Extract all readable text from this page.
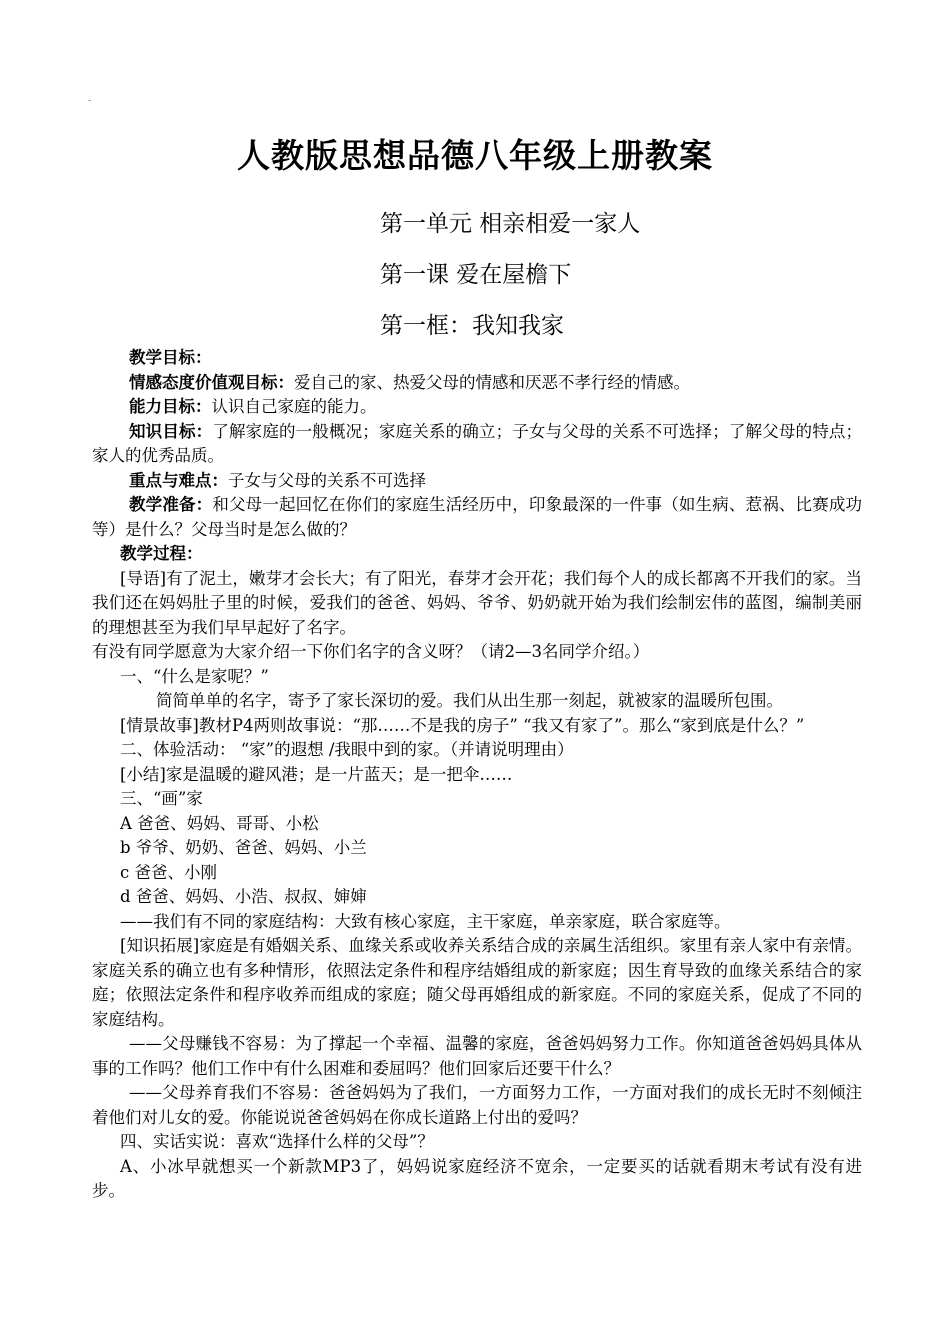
-
人教版思想品德八年级上册教案
第一单元 相亲相爱一家人
第一课 爱在屋檐下
第一框：我知我家

教学目标：

情感态度价值观目标：爱自己的家、热爱父母的情感和厌恶不孝行经的情感。

能力目标：认识自己家庭的能力。

知识目标：了解家庭的一般概况；家庭关系的确立；子女与父母的关系不可选择；了解父母的特点；家人的优秀品质。

重点与难点：子女与父母的关系不可选择

教学准备：和父母一起回忆在你们的家庭生活经历中，印象最深的一件事（如生病、惹祸、比赛成功等）是什么？父母当时是怎么做的？

教学过程：

[导语]有了泥土，嫩芽才会长大；有了阳光，春芽才会开花；我们每个人的成长都离不开我们的家。当我们还在妈妈肚子里的时候，爱我们的爸爸、妈妈、爷爷、奶奶就开始为我们绘制宏伟的蓝图，编制美丽的理想甚至为我们早早起好了名字。

有没有同学愿意为大家介绍一下你们名字的含义呀？（请2—3名同学介绍。）

一、“什么是家呢？”

简简单单的名字，寄予了家长深切的爱。我们从出生那一刻起，就被家的温暖所包围。

[情景故事]教材P4两则故事说：“那……不是我的房子” “我又有家了”。那么“家到底是什么？”

二、体验活动： “家”的遐想 /我眼中到的家。（并请说明理由）

[小结]家是温暖的避风港；是一片蓝天；是一把伞……

三、“画”家

A 爸爸、妈妈、哥哥、小松

b 爷爷、奶奶、爸爸、妈妈、小兰

c 爸爸、小刚

d 爸爸、妈妈、小浩、叔叔、婶婶

——我们有不同的家庭结构：大致有核心家庭，主干家庭，单亲家庭，联合家庭等。

[知识拓展]家庭是有婚姻关系、血缘关系或收养关系结合成的亲属生活组织。家里有亲人家中有亲情。家庭关系的确立也有多种情形，依照法定条件和程序结婚组成的新家庭；因生育导致的血缘关系结合的家庭；依照法定条件和程序收养而组成的家庭；随父母再婚组成的新家庭。不同的家庭关系，促成了不同的家庭结构。

——父母赚钱不容易：为了撑起一个幸福、温馨的家庭，爸爸妈妈努力工作。你知道爸爸妈妈具体从事的工作吗？他们工作中有什么困难和委屈吗？他们回家后还要干什么？

——父母养育我们不容易：爸爸妈妈为了我们，一方面努力工作，一方面对我们的成长无时不刻倾注着他们对儿女的爱。你能说说爸爸妈妈在你成长道路上付出的爱吗？

四、实话实说：喜欢“选择什么样的父母”？

A、小冰早就想买一个新款MP3了，妈妈说家庭经济不宽余，一定要买的话就看期末考试有没有进步。
